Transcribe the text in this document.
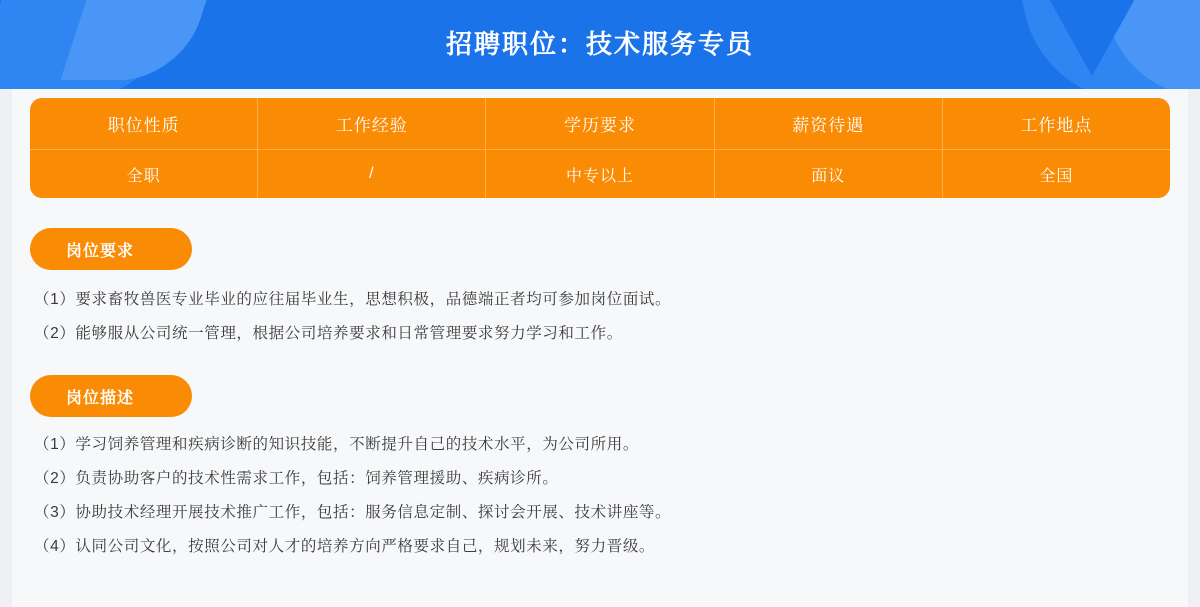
招聘职位：技术服务专员
职位性质	工作经验	学历要求	薪资待遇	工作地点
全职	/	中专以上	面议	全国
岗位要求
（1）要求畜牧兽医专业毕业的应往届毕业生，思想积极，品德端正者均可参加岗位面试。
（2）能够服从公司统一管理，根据公司培养要求和日常管理要求努力学习和工作。
岗位描述
（1）学习饲养管理和疾病诊断的知识技能，不断提升自己的技术水平，为公司所用。
（2）负责协助客户的技术性需求工作，包括：饲养管理援助、疾病诊所。
（3）协助技术经理开展技术推广工作，包括：服务信息定制、探讨会开展、技术讲座等。
（4）认同公司文化，按照公司对人才的培养方向严格要求自己，规划未来，努力晋级。
